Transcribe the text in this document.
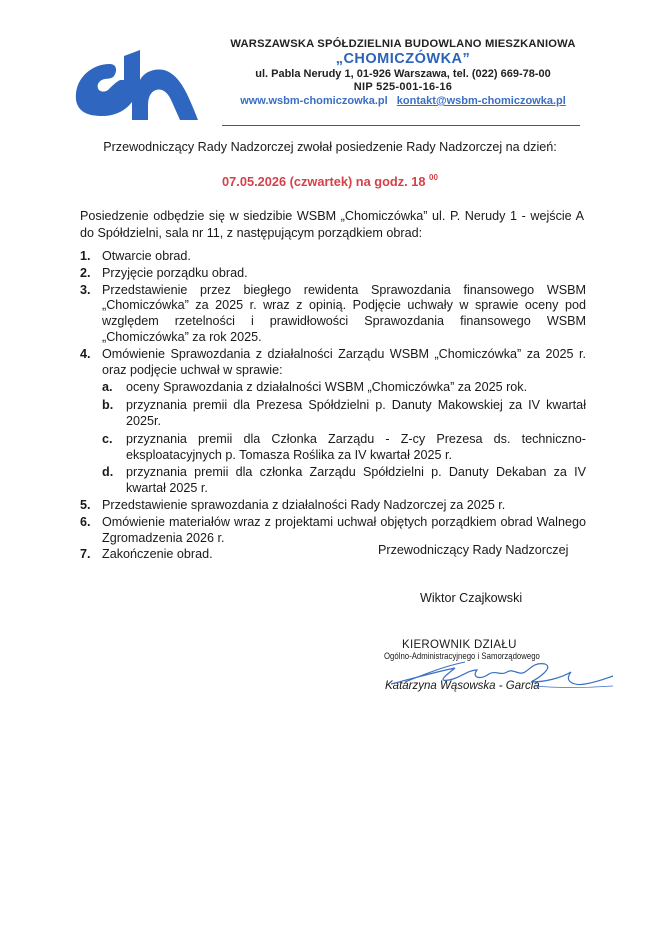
WARSZAWSKA SPÓŁDZIELNIA BUDOWLANO MIESZKANIOWA
„CHOMICZÓWKA”
ul. Pabla Nerudy 1, 01-926 Warszawa, tel. (022) 669-78-00
NIP 525-001-16-16
www.wsbm-chomiczowka.pl kontakt@wsbm-chomiczowka.pl
Przewodniczący Rady Nadzorczej zwołał posiedzenie Rady Nadzorczej na dzień:
07.05.2026 (czwartek) na godz. 18 $^{00}$
Posiedzenie odbędzie się w siedzibie WSBM „Chomiczówka” ul. P. Nerudy 1 - wejście A do Spółdzielni, sala nr 11, z następującym porządkiem obrad:
1. Otwarcie obrad.
2. Przyjęcie porządku obrad.
3. Przedstawienie przez biegłego rewidenta Sprawozdania finansowego WSBM „Chomiczówka” za 2025 r. wraz z opinią. Podjęcie uchwały w sprawie oceny pod względem rzetelności i prawidłowości Sprawozdania finansowego WSBM „Chomiczówka” za rok 2025.
4. Omówienie Sprawozdania z działalności Zarządu WSBM „Chomiczówka” za 2025 r. oraz podjęcie uchwał w sprawie:
a. oceny Sprawozdania z działalności WSBM „Chomiczówka” za 2025 rok.
b. przyznania premii dla Prezesa Spółdzielni p. Danuty Makowskiej za IV kwartał 2025r.
c. przyznania premii dla Członka Zarządu - Z-cy Prezesa ds. techniczno-eksploatacyjnych p. Tomasza Roślika za IV kwartał 2025 r.
d. przyznania premii dla członka Zarządu Spółdzielni p. Danuty Dekaban za IV kwartał 2025 r.
5. Przedstawienie sprawozdania z działalności Rady Nadzorczej za 2025 r.
6. Omówienie materiałów wraz z projektami uchwał objętych porządkiem obrad Walnego Zgromadzenia 2026 r.
7. Zakończenie obrad.	Przewodniczący Rady Nadzorczej
Wiktor Czajkowski
KIEROWNIK DZIAŁU
Ogólno-Administracyjnego i Samorządowego
Katarzyna Wąsowska - Garcia
